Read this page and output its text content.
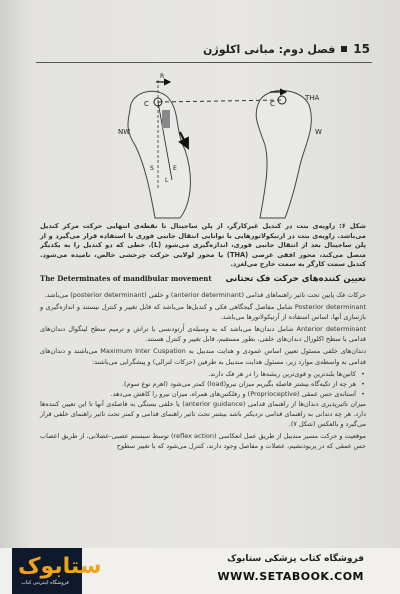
15
فصل دوم: مبانی اکلوژن
NW	W
THA
C	C
S	E
L
R
شکل ۶: زاویه‌ی بنت در کندیل غیرکارگر، از پلن ساجیتال تا نقطه‌ی انتهایی حرکت مرکز کندیل می‌باشد. زاویه‌ی بنت در ارتیکولاتورهایی با توانایی انتقال جانبی فوری با استفاده قرار می‌گیرد و از پلن ساجیتال بعد از انتقال جانبی فوری، اندازه‌گیری می‌شود (L). خطی که دو کندیل را به یکدیگر متصل می‌کند، محور افقی عرضی (THA) یا محور لولایی حرکت چرخشی خالص، نامیده می‌شود. کندیل سمت کارگر به سمت خارج می‌لغزد.
تعیین کننده‌های حرکت فک تحتانی
The Determinates of mandibular movement

حرکات فک پایین تحت تاثیر راهنماهای قدامی (anterior determinant) و خلفی (posterior determinant) می‌باشد.

Posterior determinant شامل مفاصل گیجگاهی فکی و کندیل‌ها می‌باشد که قابل تغییر و کنترل نیستند و اندازه‌گیری و بازسازی آنها، اساس استفاده از آرتیکولاتورها می‌باشد.

Anterior determinant شامل دندان‌ها می‌باشد که به وسیله‌ی اُرتودنسی یا تراش و ترمیم سطح لینگوال دندان‌های قدامی یا سطح اکلوزال دندان‌های خلفی، بطور مستقیم، قابل تغییر و کنترل هستند.

دندان‌های خلفی مسئول تعیین اساس عمودی و هدایت مندیبل به Maximum Inter Cuspation می‌باشند و دندان‌های قدامی به واسطه‌ی موارد زیر، مسئول هدایت مندیبل به طرفین (حرکات لترالی) و پیشگرایی می‌باشند:

• کانین‌ها بلندترین و قوی‌ترین ریشه‌ها را در هر فک دارند.
• هر چه از تکیه‌گاه بیشتر فاصله بگیریم میزان نیرو(load) کمتر می‌شود (اهرم نوع سوم).
• اَستانه‌ی حس عمقی (Proprioceptive) و رفلکس‌های همراه، میزان نیرو را کاهش می‌دهد.

میزان تاثیرپذیری دندان‌ها از راهنمای قدامی (anterior guidance) یا خلفی بستگی به فاصله‌ی آنها تا این تعیین کننده‌ها دارد. هر چه دندانی به راهنمای قدامی نزدیکتر باشد بیشتر تحت تاثیر راهنمای قدامی و کمتر تحت تاثیر راهنمای خلفی قرار می‌گیرد و بالعکس (شکل ۷).

موقعیت و حرکت مسیر مندیبل از طریق عمل انعکاسی (reflex action) توسط سیستم عصبی-عضلانی، از طریق اعصاب حس عمقی که در پریودنشیم، عضلات و مفاصل وجود دارند، کنترل می‌شود که با تغییر سطوح

ستابوک
فروشگاه اینترنتی کتاب
فروشگاه کتاب پزشکی ستابوک
WWW.SETABOOK.COM
